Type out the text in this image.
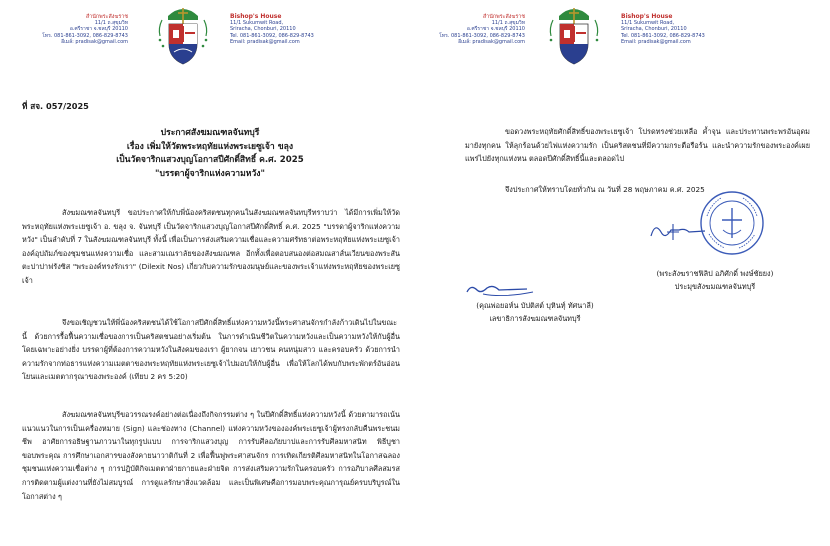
สำนักพระสังฆราช
11/1 ถ.สุขุมวิท
อ.ศรีราชา จ.ชลบุรี 20110
โทร. 081-861-3092, 086-829-8743
อีเมล์: pradisak@gmail.com
Bishop's House
11/1 Sukumwit Road,
Sriracha, Chonburi, 20110
Tel. 081-861-3092, 086-829-8743
Email: pradisak@gmail.com
ที่ สจ. 057/2025
ประกาศสังฆมณฑลจันทบุรี
เรื่อง เพิ่มให้วัดพระหฤทัยแห่งพระเยซูเจ้า ขลุง
เป็นวัดจาริกแสวงบุญโอกาสปีศักดิ์สิทธิ์ ค.ศ. 2025
"บรรดาผู้จาริกแห่งความหวัง"

สังฆมณฑลจันทบุรี ขอประกาศให้กับพี่น้องคริสตชนทุกคนในสังฆมณฑลจันทบุรีทราบว่า ได้มีการเพิ่มให้วัดพระหฤทัยแห่งพระเยซูเจ้า อ. ขลุง จ. จันทบุรี เป็นวัดจาริกแสวงบุญโอกาสปีศักดิ์สิทธิ์ ค.ศ. 2025 "บรรดาผู้จาริกแห่งความหวัง" เป็นลำดับที่ 7 ในสังฆมณฑลจันทบุรี ทั้งนี้ เพื่อเป็นการส่งเสริมความเชื่อและความศรัทธาต่อพระหฤทัยแห่งพระเยซูเจ้า องค์อุปถัมภ์ของชุมชนแห่งความเชื่อ และสามเณราลัยของสังฆมณฑล อีกทั้งเพื่อตอบสนองต่อสมณสาส์นเวียนของพระสันตะปาปาฟรังซิส "พระองค์ทรงรักเรา" (Dilexit Nos) เกี่ยวกับความรักของมนุษย์และของพระเจ้าแห่งพระหฤทัยของพระเยซูเจ้า

จึงขอเชิญชวนให้พี่น้องคริสตชนได้ใช้โอกาสปีศักดิ์สิทธิ์แห่งความหวังนี้พระศาสนจักรกำลังก้าวเดินไปในขณะนี้ ด้วยการรื้อฟื้นความเชื่อของการเป็นคริสตชนอย่างเริ่มต้น ในการดำเนินชีวิตในความหวังและเป็นความหวังให้กับผู้อื่น โดยเฉพาะอย่างยิ่ง บรรดาผู้ที่ต้องการความหวังในสังคมของเรา ผู้ยากจน เยาวชน คนหนุ่มสาว และครอบครัว ด้วยการนำความรักจากท่อธารแห่งความเมตตาของพระหฤทัยแห่งพระเยซูเจ้าไปมอบให้กับผู้อื่น เพื่อให้โลกได้พบกับพระพักตร์อันอ่อนโยนและเมตตากรุณาของพระองค์ (เทียบ 2 คร 5:20)

สังฆมณฑลจันทบุรีขอวรรณรงค์อย่างต่อเนื่องถึงกิจกรรมต่าง ๆ ในปีศักดิ์สิทธิ์แห่งความหวังนี้ ด้วยตามารถเน้นแนวแนวในการเป็นเครื่องหมาย (Sign) และช่องทาง (Channel) แห่งความหวังขององค์พระเยซูเจ้าผู้ทรงกลับคืนพระชนมชีพ อาศัยการอธิษฐานภาวนาในทุกรูปแบบ การจาริกแสวงบุญ การรับศีลอภัยบาปและการรับศีลมหาสนิท พิธีบูชาขอบพระคุณ การศึกษาเอกสารของสังคายนาวาติกันที่ 2 เพื่อฟื้นฟูพระศาสนจักร การเทิดเกียรติศีลมหาสนิทในโอกาสฉลองชุมชนแห่งความเชื่อต่าง ๆ การปฏิบัติกิจเมตตาฝ่ายกายและฝ่ายจิต การส่งเสริมความรักในครอบครัว การอภิบาลศีลสมรส การติดตามผู้แต่งงานที่ยังไม่สมบูรณ์ การดูแลรักษาสิ่งแวดล้อม และเป็นพิเศษคือการมอบพระคุณการุณย์ครบบริบูรณ์ในโอกาสต่าง ๆ

สำนักพระสังฆราช
11/1 ถ.สุขุมวิท
อ.ศรีราชา จ.ชลบุรี 20110
โทร. 081-861-3092, 086-829-8743
อีเมล์: pradisak@gmail.com
Bishop's House
11/1 Sukumwit Road,
Sriracha, Chonburi, 20110
Tel. 081-861-3092, 086-829-8743
Email: pradisak@gmail.com

ขอดวงพระหฤทัยศักดิ์สิทธิ์ของพระเยซูเจ้า โปรดทรงช่วยเหลือ ค้ำจุน และประทานพระพรอันอุดมมายังทุกคน ให้ลุกร้อนด้วยไฟแห่งความรัก เป็นคริสตชนที่มีความกระตือรือร้น และนำความรักของพระองค์เผยแพร่ไปยังทุกแห่งหน ตลอดปีศักดิ์สิทธิ์นี้และตลอดไป

จึงประกาศให้ทราบโดยทั่วกัน ณ วันที่ 28 พฤษภาคม ค.ศ. 2025

(พระสังฆราชฟิลิป อภิศักดิ์ พงษ์ชัยยง)
ประมุขสังฆมณฑลจันทบุรี
(คุณพ่อยอห์น บัปติสต์ บุหินทุ์ ทัศนาลี)
เลขาธิการสังฆมณฑลจันทบุรี
